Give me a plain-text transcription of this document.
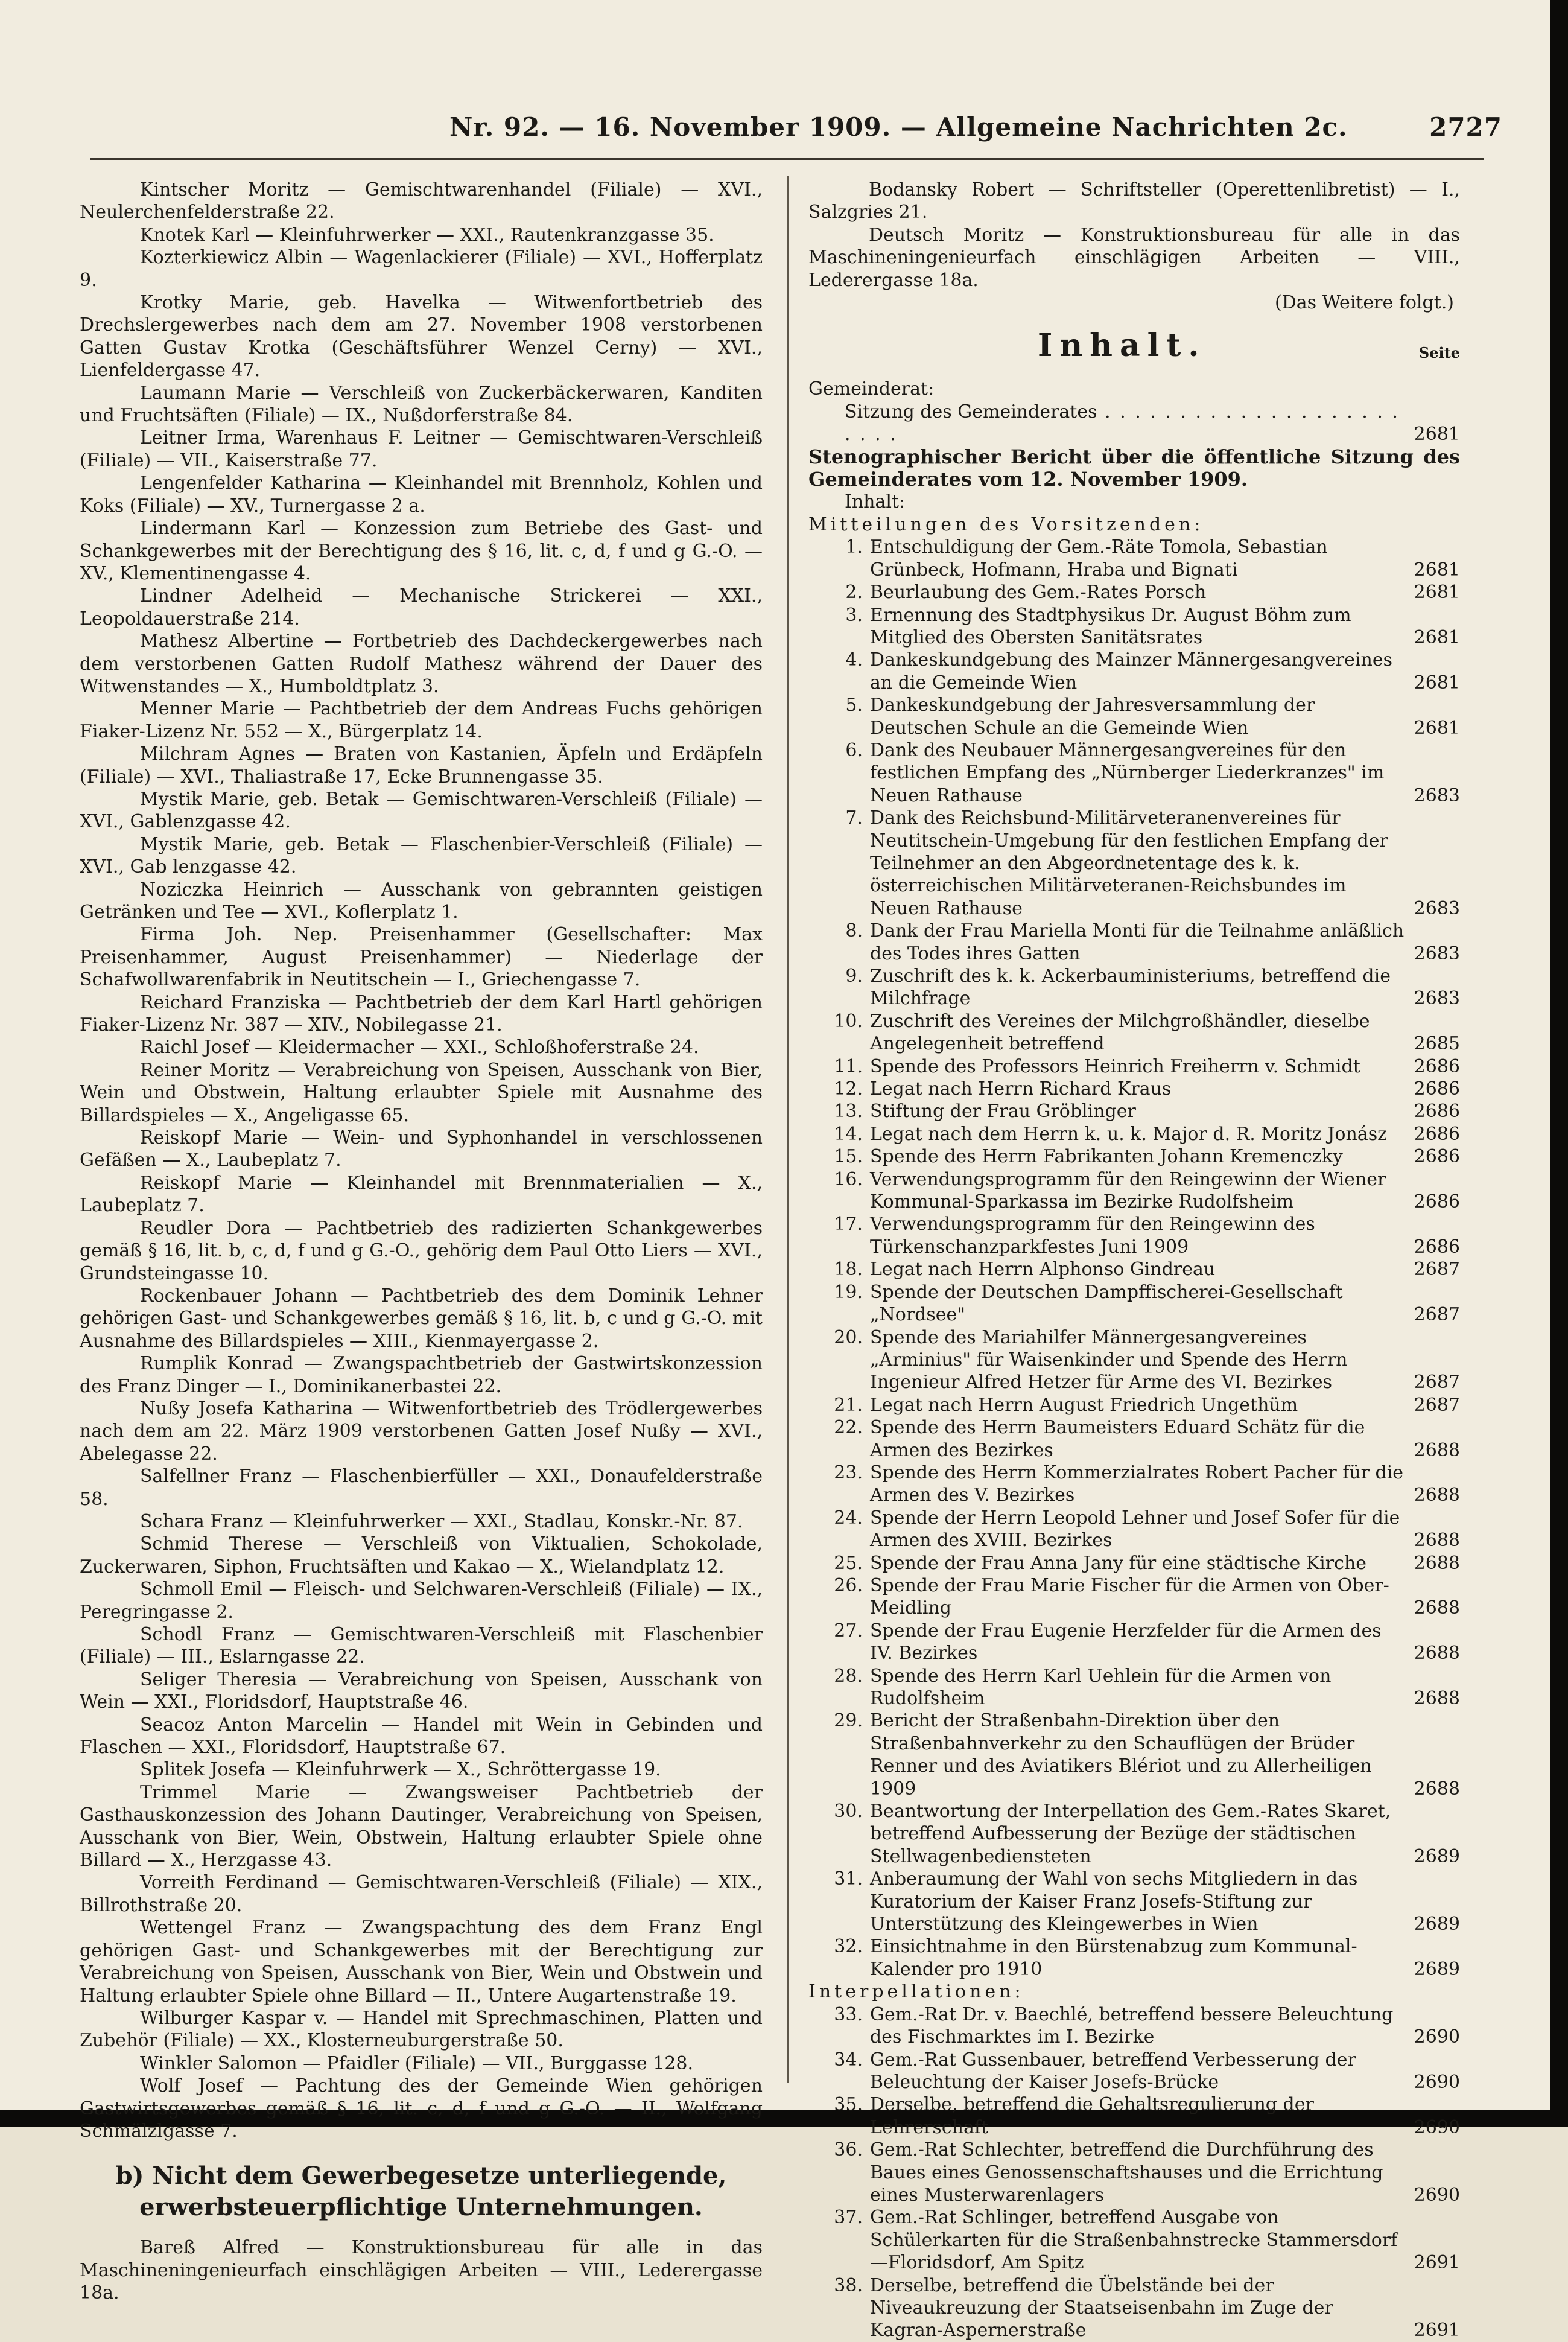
Nr. 92. — 16. November 1909. — Allgemeine Nachrichten 2c.	2727

Kintscher Moritz — Gemischtwarenhandel (Filiale) — XVI., Neulerchenfelderstraße 22.

Knotek Karl — Kleinfuhrwerker — XXI., Rautenkranzgasse 35.

Kozterkiewicz Albin — Wagenlackierer (Filiale) — XVI., Hofferplatz 9.

Krotky Marie, geb. Havelka — Witwenfortbetrieb des Drechslergewerbes nach dem am 27. November 1908 verstorbenen Gatten Gustav Krotka (Geschäftsführer Wenzel Cerny) — XVI., Lienfeldergasse 47.

Laumann Marie — Verschleiß von Zuckerbäckerwaren, Kanditen und Fruchtsäften (Filiale) — IX., Nußdorferstraße 84.

Leitner Irma, Warenhaus F. Leitner — Gemischtwaren-Verschleiß (Filiale) — VII., Kaiserstraße 77.

Lengenfelder Katharina — Kleinhandel mit Brennholz, Kohlen und Koks (Filiale) — XV., Turnergasse 2 a.

Lindermann Karl — Konzession zum Betriebe des Gast- und Schankgewerbes mit der Berechtigung des § 16, lit. c, d, f und g G.-O. — XV., Klementinengasse 4.

Lindner Adelheid — Mechanische Strickerei — XXI., Leopoldauerstraße 214.

Mathesz Albertine — Fortbetrieb des Dachdeckergewerbes nach dem verstorbenen Gatten Rudolf Mathesz während der Dauer des Witwenstandes — X., Humboldtplatz 3.

Menner Marie — Pachtbetrieb der dem Andreas Fuchs gehörigen Fiaker-Lizenz Nr. 552 — X., Bürgerplatz 14.

Milchram Agnes — Braten von Kastanien, Äpfeln und Erdäpfeln (Filiale) — XVI., Thaliastraße 17, Ecke Brunnengasse 35.

Mystik Marie, geb. Betak — Gemischtwaren-Verschleiß (Filiale) — XVI., Gablenzgasse 42.

Mystik Marie, geb. Betak — Flaschenbier-Verschleiß (Filiale) — XVI., Gab lenzgasse 42.

Noziczka Heinrich — Ausschank von gebrannten geistigen Getränken und Tee — XVI., Koflerplatz 1.

Firma Joh. Nep. Preisenhammer (Gesellschafter: Max Preisenhammer, August Preisenhammer) — Niederlage der Schafwollwarenfabrik in Neutitschein — I., Griechengasse 7.

Reichard Franziska — Pachtbetrieb der dem Karl Hartl gehörigen Fiaker-Lizenz Nr. 387 — XIV., Nobilegasse 21.

Raichl Josef — Kleidermacher — XXI., Schloßhoferstraße 24.

Reiner Moritz — Verabreichung von Speisen, Ausschank von Bier, Wein und Obstwein, Haltung erlaubter Spiele mit Ausnahme des Billardspieles — X., Angeligasse 65.

Reiskopf Marie — Wein- und Syphonhandel in verschlossenen Gefäßen — X., Laubeplatz 7.

Reiskopf Marie — Kleinhandel mit Brennmaterialien — X., Laubeplatz 7.

Reudler Dora — Pachtbetrieb des radizierten Schankgewerbes gemäß § 16, lit. b, c, d, f und g G.-O., gehörig dem Paul Otto Liers — XVI., Grundsteingasse 10.

Rockenbauer Johann — Pachtbetrieb des dem Dominik Lehner gehörigen Gast- und Schankgewerbes gemäß § 16, lit. b, c und g G.-O. mit Ausnahme des Billardspieles — XIII., Kienmayergasse 2.

Rumplik Konrad — Zwangspachtbetrieb der Gastwirtskonzession des Franz Dinger — I., Dominikanerbastei 22.

Nußy Josefa Katharina — Witwenfortbetrieb des Trödlergewerbes nach dem am 22. März 1909 verstorbenen Gatten Josef Nußy — XVI., Abelegasse 22.

Salfellner Franz — Flaschenbierfüller — XXI., Donaufelderstraße 58.

Schara Franz — Kleinfuhrwerker — XXI., Stadlau, Konskr.-Nr. 87.

Schmid Therese — Verschleiß von Viktualien, Schokolade, Zuckerwaren, Siphon, Fruchtsäften und Kakao — X., Wielandplatz 12.

Schmoll Emil — Fleisch- und Selchwaren-Verschleiß (Filiale) — IX., Peregringasse 2.

Schodl Franz — Gemischtwaren-Verschleiß mit Flaschenbier (Filiale) — III., Eslarngasse 22.

Seliger Theresia — Verabreichung von Speisen, Ausschank von Wein — XXI., Floridsdorf, Hauptstraße 46.

Seacoz Anton Marcelin — Handel mit Wein in Gebinden und Flaschen — XXI., Floridsdorf, Hauptstraße 67.

Splitek Josefa — Kleinfuhrwerk — X., Schröttergasse 19.

Trimmel Marie — Zwangsweiser Pachtbetrieb der Gasthauskonzession des Johann Dautinger, Verabreichung von Speisen, Ausschank von Bier, Wein, Obstwein, Haltung erlaubter Spiele ohne Billard — X., Herzgasse 43.

Vorreith Ferdinand — Gemischtwaren-Verschleiß (Filiale) — XIX., Billrothstraße 20.

Wettengel Franz — Zwangspachtung des dem Franz Engl gehörigen Gast- und Schankgewerbes mit der Berechtigung zur Verabreichung von Speisen, Ausschank von Bier, Wein und Obstwein und Haltung erlaubter Spiele ohne Billard — II., Untere Augartenstraße 19.

Wilburger Kaspar v. — Handel mit Sprechmaschinen, Platten und Zubehör (Filiale) — XX., Klosterneuburgerstraße 50.

Winkler Salomon — Pfaidler (Filiale) — VII., Burggasse 128.

Wolf Josef — Pachtung des der Gemeinde Wien gehörigen Gastwirtsgewerbes gemäß § 16, lit. c, d, f und g G.-O. — II., Wolfgang Schmälzlgasse 7.

b) Nicht dem Gewerbegesetze unterliegende, erwerbsteuerpflichtige Unternehmungen.

Bareß Alfred — Konstruktionsbureau für alle in das Maschineningenieurfach einschlägigen Arbeiten — VIII., Lederergasse 18a.

Bodansky Robert — Schriftsteller (Operettenlibretist) — I., Salzgries 21.

Deutsch Moritz — Konstruktionsbureau für alle in das Maschineningenieurfach einschlägigen Arbeiten — VIII., Lederergasse 18a.

(Das Weitere folgt.)
Inhalt.	Seite
Gemeinderat:
Sitzung des Gemeinderates . . . . . . . . . . . . . . . . . . . . . . . .	2681
Stenographischer Bericht über die öffentliche Sitzung des Gemeinderates vom 12. November 1909.
Inhalt:
Mitteilungen des Vorsitzenden:
1. Entschuldigung der Gem.-Räte Tomola, Sebastian Grünbeck, Hofmann, Hraba und Bignati	2681
2. Beurlaubung des Gem.-Rates Porsch	2681
3. Ernennung des Stadtphysikus Dr. August Böhm zum Mitglied des Obersten Sanitätsrates	2681
4. Dankeskundgebung des Mainzer Männergesangvereines an die Gemeinde Wien	2681
5. Dankeskundgebung der Jahresversammlung der Deutschen Schule an die Gemeinde Wien	2681
6. Dank des Neubauer Männergesangvereines für den festlichen Empfang des „Nürnberger Liederkranzes" im Neuen Rathause	2683
7. Dank des Reichsbund-Militärveteranenvereines für Neutitschein-Umgebung für den festlichen Empfang der Teilnehmer an den Abgeordnetentage des k. k. österreichischen Militärveteranen-Reichsbundes im Neuen Rathause	2683
8. Dank der Frau Mariella Monti für die Teilnahme anläßlich des Todes ihres Gatten	2683
9. Zuschrift des k. k. Ackerbauministeriums, betreffend die Milchfrage	2683
10. Zuschrift des Vereines der Milchgroßhändler, dieselbe Angelegenheit betreffend	2685
11. Spende des Professors Heinrich Freiherrn v. Schmidt	2686
12. Legat nach Herrn Richard Kraus	2686
13. Stiftung der Frau Gröblinger	2686
14. Legat nach dem Herrn k. u. k. Major d. R. Moritz Jonász	2686
15. Spende des Herrn Fabrikanten Johann Kremenczky	2686
16. Verwendungsprogramm für den Reingewinn der Wiener Kommunal-Sparkassa im Bezirke Rudolfsheim	2686
17. Verwendungsprogramm für den Reingewinn des Türkenschanzparkfestes Juni 1909	2686
18. Legat nach Herrn Alphonso Gindreau	2687
19. Spende der Deutschen Dampffischerei-Gesellschaft „Nordsee"	2687
20. Spende des Mariahilfer Männergesangvereines „Arminius" für Waisenkinder und Spende des Herrn Ingenieur Alfred Hetzer für Arme des VI. Bezirkes	2687
21. Legat nach Herrn August Friedrich Ungethüm	2687
22. Spende des Herrn Baumeisters Eduard Schätz für die Armen des Bezirkes	2688
23. Spende des Herrn Kommerzialrates Robert Pacher für die Armen des V. Bezirkes	2688
24. Spende der Herrn Leopold Lehner und Josef Sofer für die Armen des XVIII. Bezirkes	2688
25. Spende der Frau Anna Jany für eine städtische Kirche	2688
26. Spende der Frau Marie Fischer für die Armen von Ober-Meidling	2688
27. Spende der Frau Eugenie Herzfelder für die Armen des IV. Bezirkes	2688
28. Spende des Herrn Karl Uehlein für die Armen von Rudolfsheim	2688
29. Bericht der Straßenbahn-Direktion über den Straßenbahnverkehr zu den Schauflügen der Brüder Renner und des Aviatikers Blériot und zu Allerheiligen 1909	2688
30. Beantwortung der Interpellation des Gem.-Rates Skaret, betreffend Aufbesserung der Bezüge der städtischen Stellwagenbediensteten	2689
31. Anberaumung der Wahl von sechs Mitgliedern in das Kuratorium der Kaiser Franz Josefs-Stiftung zur Unterstützung des Kleingewerbes in Wien	2689
32. Einsichtnahme in den Bürstenabzug zum Kommunal-Kalender pro 1910	2689
Interpellationen:
33. Gem.-Rat Dr. v. Baechlé, betreffend bessere Beleuchtung des Fischmarktes im I. Bezirke	2690
34. Gem.-Rat Gussenbauer, betreffend Verbesserung der Beleuchtung der Kaiser Josefs-Brücke	2690
35. Derselbe, betreffend die Gehaltsregulierung der Lehrerschaft	2690
36. Gem.-Rat Schlechter, betreffend die Durchführung des Baues eines Genossenschaftshauses und die Errichtung eines Musterwarenlagers	2690
37. Gem.-Rat Schlinger, betreffend Ausgabe von Schülerkarten für die Straßenbahnstrecke Stammersdorf—Floridsdorf, Am Spitz	2691
38. Derselbe, betreffend die Übelstände bei der Niveaukreuzung der Staatseisenbahn im Zuge der Kagran-Aspernerstraße	2691
